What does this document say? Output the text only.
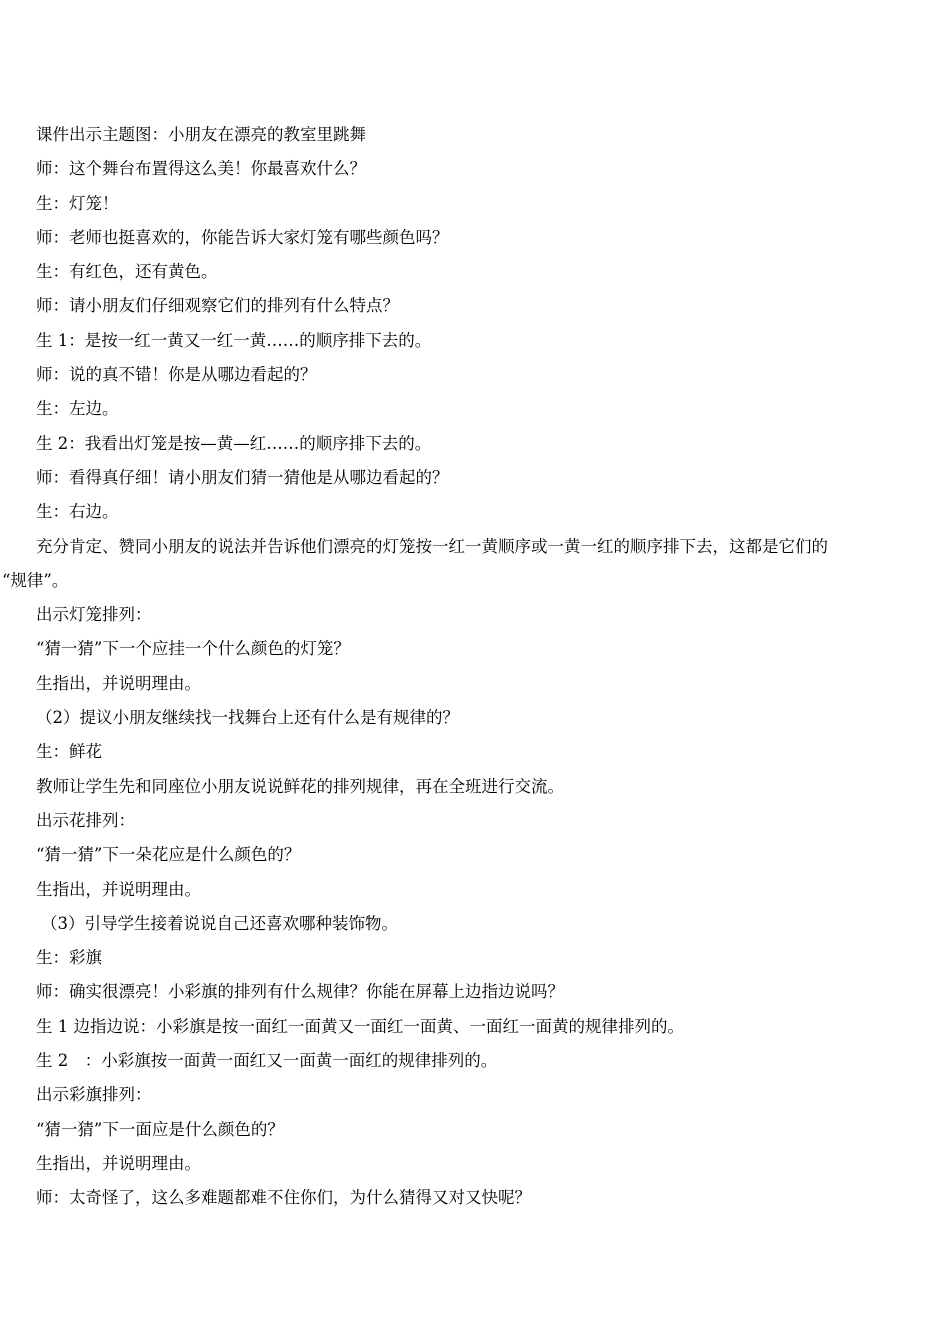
课件出示主题图：小朋友在漂亮的教室里跳舞
师：这个舞台布置得这么美！你最喜欢什么？
生：灯笼！
师：老师也挺喜欢的，你能告诉大家灯笼有哪些颜色吗？
生：有红色，还有黄色。
师：请小朋友们仔细观察它们的排列有什么特点？
生 1：是按一红一黄又一红一黄……的顺序排下去的。
师：说的真不错！你是从哪边看起的？
生：左边。
生 2：我看出灯笼是按—黄—红……的顺序排下去的。
师：看得真仔细！请小朋友们猜一猜他是从哪边看起的？
生：右边。
充分肯定、赞同小朋友的说法并告诉他们漂亮的灯笼按一红一黄顺序或一黄一红的顺序排下去，这都是它们的
“规律”。
出示灯笼排列：
“猜一猜”下一个应挂一个什么颜色的灯笼？
生指出，并说明理由。
（2）提议小朋友继续找一找舞台上还有什么是有规律的？
生：鲜花
教师让学生先和同座位小朋友说说鲜花的排列规律，再在全班进行交流。
出示花排列：
“猜一猜”下一朵花应是什么颜色的？
生指出，并说明理由。
（3）引导学生接着说说自己还喜欢哪种装饰物。
生：彩旗
师：确实很漂亮！小彩旗的排列有什么规律？你能在屏幕上边指边说吗？
生 1 边指边说：小彩旗是按一面红一面黄又一面红一面黄、一面红一面黄的规律排列的。
生 2　：小彩旗按一面黄一面红又一面黄一面红的规律排列的。
出示彩旗排列：
“猜一猜”下一面应是什么颜色的？
生指出，并说明理由。
师：太奇怪了，这么多难题都难不住你们，为什么猜得又对又快呢？
